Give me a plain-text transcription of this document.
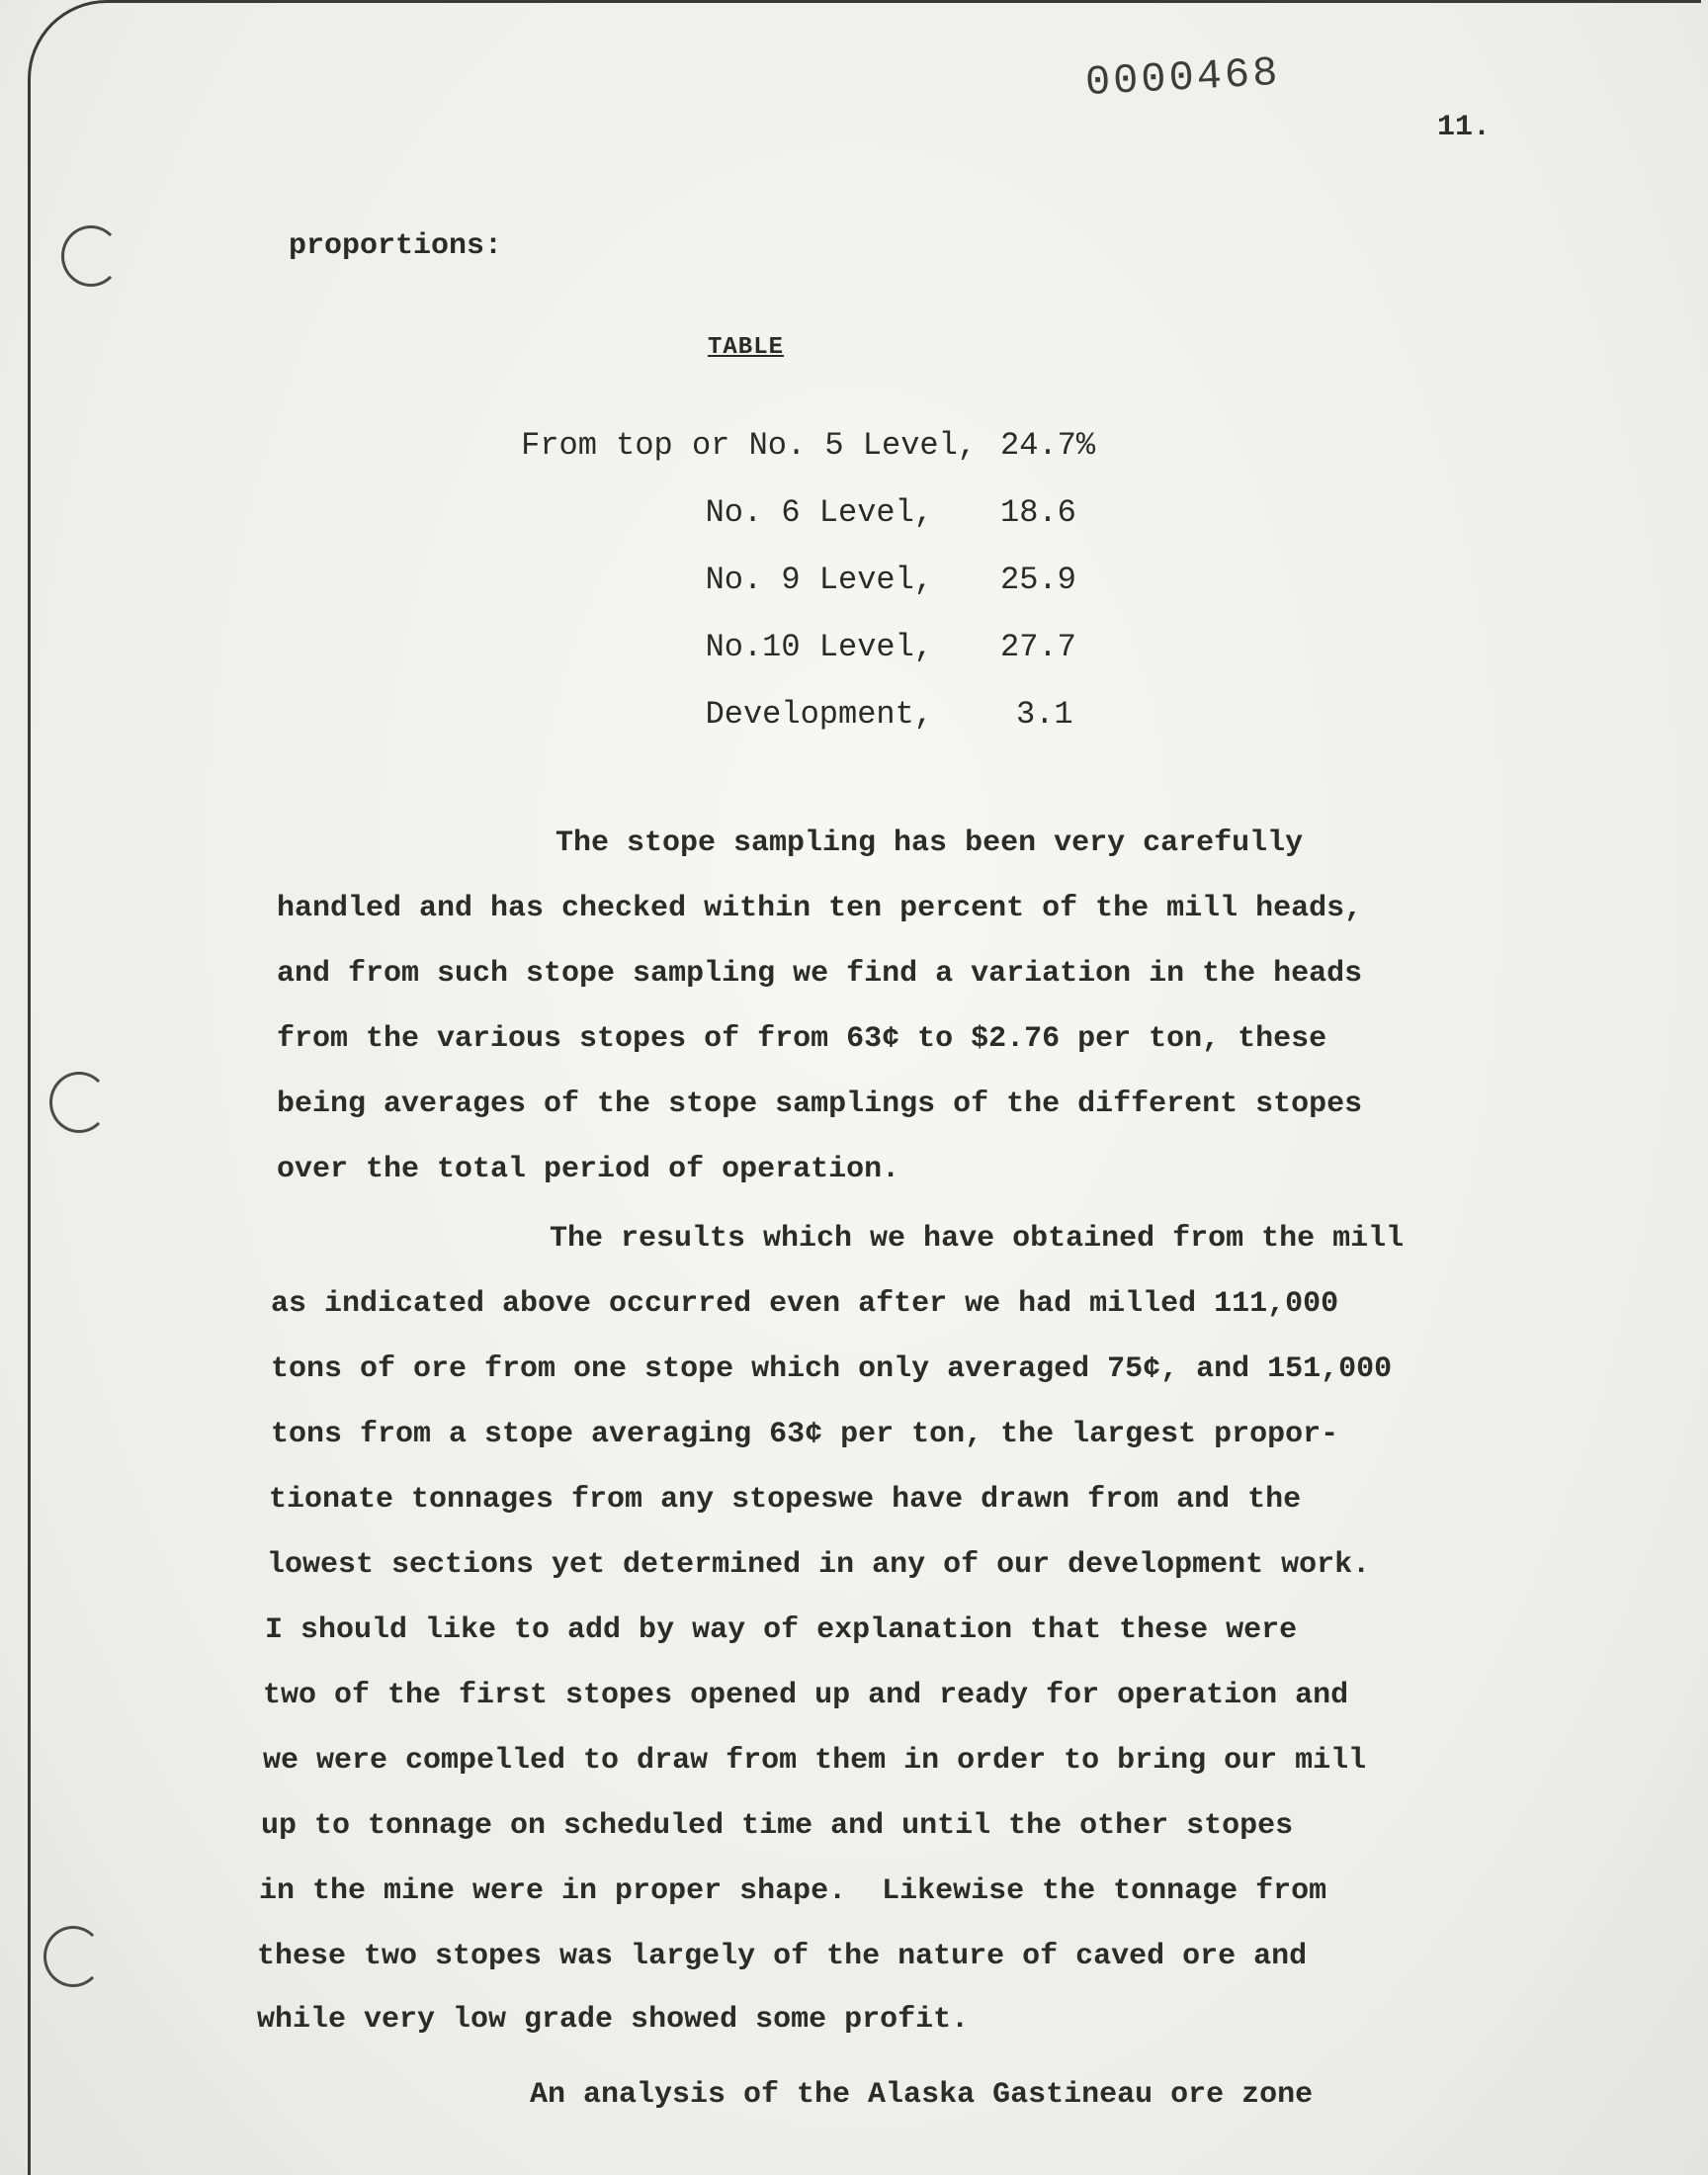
0000468
11.
proportions:
TABLE
From top or No. 5 Level, 24.7%
No. 6 Level, 18.6
No. 9 Level, 25.9
No.10 Level, 27.7
Development,	3.1
The stope sampling has been very carefully
handled and has checked within ten percent of the mill heads,
and from such stope sampling we find a variation in the heads
from the various stopes of from 63¢ to $2.76 per ton, these
being averages of the stope samplings of the different stopes
over the total period of operation.
The results which we have obtained from the mill
as indicated above occurred even after we had milled 111,000
tons of ore from one stope which only averaged 75¢, and 151,000
tons from a stope averaging 63¢ per ton, the largest propor-
tionate tonnages from any stopeswe have drawn from and the
lowest sections yet determined in any of our development work.
I should like to add by way of explanation that these were
two of the first stopes opened up and ready for operation and
we were compelled to draw from them in order to bring our mill
up to tonnage on scheduled time and until the other stopes
in the mine were in proper shape.  Likewise the tonnage from
these two stopes was largely of the nature of caved ore and
while very low grade showed some profit.
An analysis of the Alaska Gastineau ore zone
